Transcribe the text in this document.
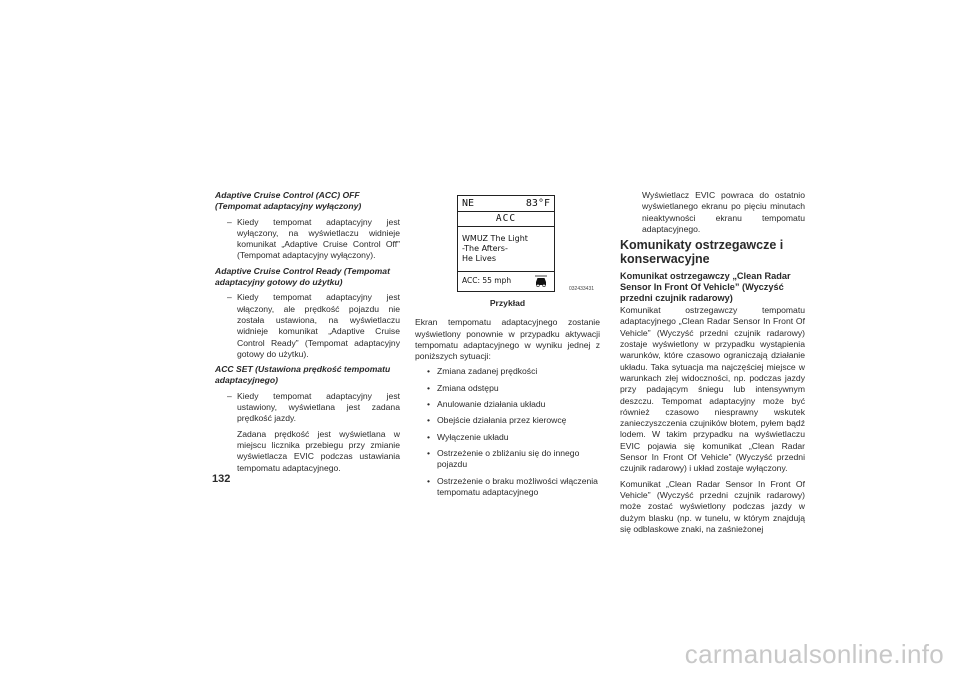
Adaptive Cruise Control (ACC) OFF (Tempomat adaptacyjny wyłączony)
– Kiedy tempomat adaptacyjny jest wyłączony, na wyświetlaczu widnieje komunikat „Adaptive Cruise Control Off” (Tempomat adaptacyjny wyłączony).
Adaptive Cruise Control Ready (Tempomat adaptacyjny gotowy do użytku)
– Kiedy tempomat adaptacyjny jest włączony, ale prędkość pojazdu nie została ustawiona, na wyświetlaczu widnieje komunikat „Adaptive Cruise Control Ready” (Tempomat adaptacyjny gotowy do użytku).
ACC SET (Ustawiona prędkość tempomatu adaptacyjnego)
– Kiedy tempomat adaptacyjny jest ustawiony, wyświetlana jest zadana prędkość jazdy.
Zadana prędkość jest wyświetlana w miejscu licznika przebiegu przy zmianie wyświetlacza EVIC podczas ustawiania tempomatu adaptacyjnego.
NE	83°F
ACC
WMUZ The Light
-The Afters-
He Lives
ACC: 55 mph
032433431
Przykład
Ekran tempomatu adaptacyjnego zostanie wyświetlony ponownie w przypadku aktywacji tempomatu adaptacyjnego w wyniku jednej z poniższych sytuacji:
• Zmiana zadanej prędkości
• Zmiana odstępu
• Anulowanie działania układu
• Obejście działania przez kierowcę
• Wyłączenie układu
• Ostrzeżenie o zbliżaniu się do innego pojazdu
• Ostrzeżenie o braku możliwości włączenia tempomatu adaptacyjnego
Wyświetlacz EVIC powraca do ostatnio wyświetlanego ekranu po pięciu minutach nieaktywności ekranu tempomatu adaptacyjnego.
Komunikaty ostrzegawcze i konserwacyjne
Komunikat ostrzegawczy „Clean Radar Sensor In Front Of Vehicle” (Wyczyść przedni czujnik radarowy)
Komunikat ostrzegawczy tempomatu adaptacyjnego „Clean Radar Sensor In Front Of Vehicle” (Wyczyść przedni czujnik radarowy) zostaje wyświetlony w przypadku wystąpienia warunków, które czasowo ograniczają działanie układu. Taka sytuacja ma najczęściej miejsce w warunkach złej widoczności, np. podczas jazdy przy padającym śniegu lub intensywnym deszczu. Tempomat adaptacyjny może być również czasowo niesprawny wskutek zanieczyszczenia czujników błotem, pyłem bądź lodem. W takim przypadku na wyświetlaczu EVIC pojawia się komunikat „Clean Radar Sensor In Front Of Vehicle” (Wyczyść przedni czujnik radarowy) i układ zostaje wyłączony.
Komunikat „Clean Radar Sensor In Front Of Vehicle” (Wyczyść przedni czujnik radarowy) może zostać wyświetlony podczas jazdy w dużym blasku (np. w tunelu, w którym znajdują się odblaskowe znaki, na zaśnieżonej
132
carmanualsonline.info
